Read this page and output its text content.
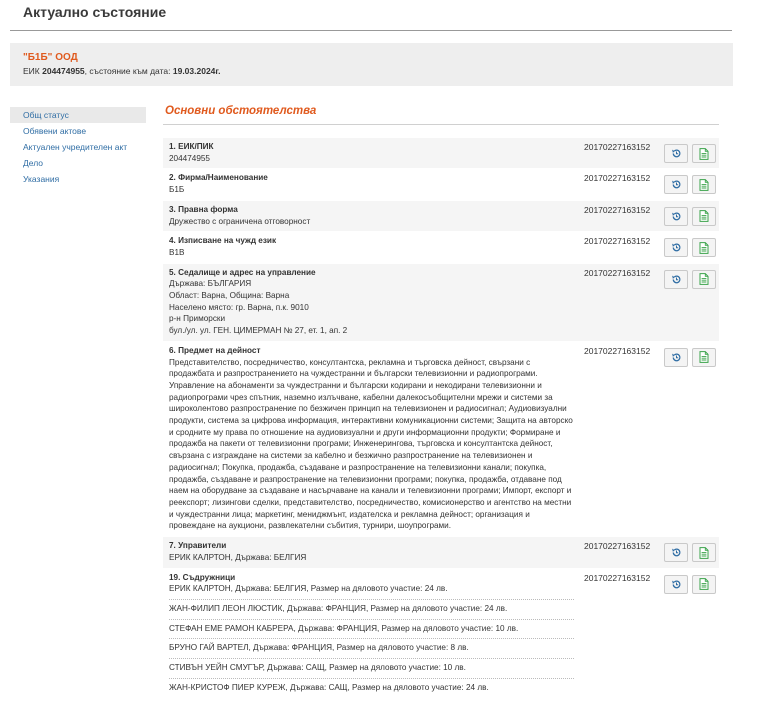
Актуално състояние
"Б1Б" ООД
ЕИК 204474955, състояние към дата: 19.03.2024г.
Общ статус
Обявени актове
Актуален учредителен акт
Дело
Указания
Основни обстоятелства
1. ЕИК/ПИК
204474955
20170227163152
2. Фирма/Наименование
Б1Б
20170227163152
3. Правна форма
Дружество с ограничена отговорност
20170227163152
4. Изписване на чужд език
B1B
20170227163152
5. Седалище и адрес на управление
Държава: БЪЛГАРИЯ
Област: Варна, Община: Варна
Населено място: гр. Варна, п.к. 9010
р-н Приморски
бул./ул. ул. ГЕН. ЦИМЕРМАН № 27, ет. 1, ап. 2
20170227163152
6. Предмет на дейност
Представителство, посредничество, консултантска, рекламна и търговска дейност, свързани с продажбата и разпространението на чуждестранни и български телевизионни и радиопрограми. Управление на абонаменти за чуждестранни и български кодирани и некодирани телевизионни и радиопрограми чрез спътник, наземно излъчване, кабелни далекосъобщителни мрежи и системи за широколентово разпространение по безжичен принцип на телевизионен и радиосигнал; Аудиовизуални продукти, система за цифрова информация, интерактивни комуникационни системи; Защита на авторско и сродните му права по отношение на аудиовизуални и други информационни продукти; Формиране и продажба на пакети от телевизионни програми; Инженерингова, търговска и консултантска дейност, свързана с изграждане на системи за кабелно и безжично разпространение на телевизионен и радиосигнал; Покупка, продажба, създаване и разпространение на телевизионни канали; покупка, продажба, създаване и разпространение на телевизионни програми; покупка, продажба, отдаване под наем на оборудване за създаване и насърчаване на канали и телевизионни програми; Импорт, експорт и реекспорт; лизингови сделки, представителство, посредничество, комисионерство и агентство на местни и чуждестранни лица; маркетинг, мениджмънт, издателска и рекламна дейност; организация и провеждане на аукциони, развлекателни събития, турнири, шоупрограми.
20170227163152
7. Управители
ЕРИК КАЛРТОН, Държава: БЕЛГИЯ
20170227163152
19. Съдружници
ЕРИК КАЛРТОН, Държава: БЕЛГИЯ, Размер на дяловото участие: 24 лв.
ЖАН-ФИЛИП ЛЕОН ЛЮСТИК, Държава: ФРАНЦИЯ, Размер на дяловото участие: 24 лв.
СТЕФАН ЕМЕ РАМОН КАБРЕРА, Държава: ФРАНЦИЯ, Размер на дяловото участие: 10 лв.
БРУНО ГАЙ ВАРТЕЛ, Държава: ФРАНЦИЯ, Размер на дяловото участие: 8 лв.
СТИВЪН УЕЙН СМУГЪР, Държава: САЩ, Размер на дяловото участие: 10 лв.
ЖАН-КРИСТОФ ПИЕР КУРЕЖ, Държава: САЩ, Размер на дяловото участие: 24 лв.
20170227163152
